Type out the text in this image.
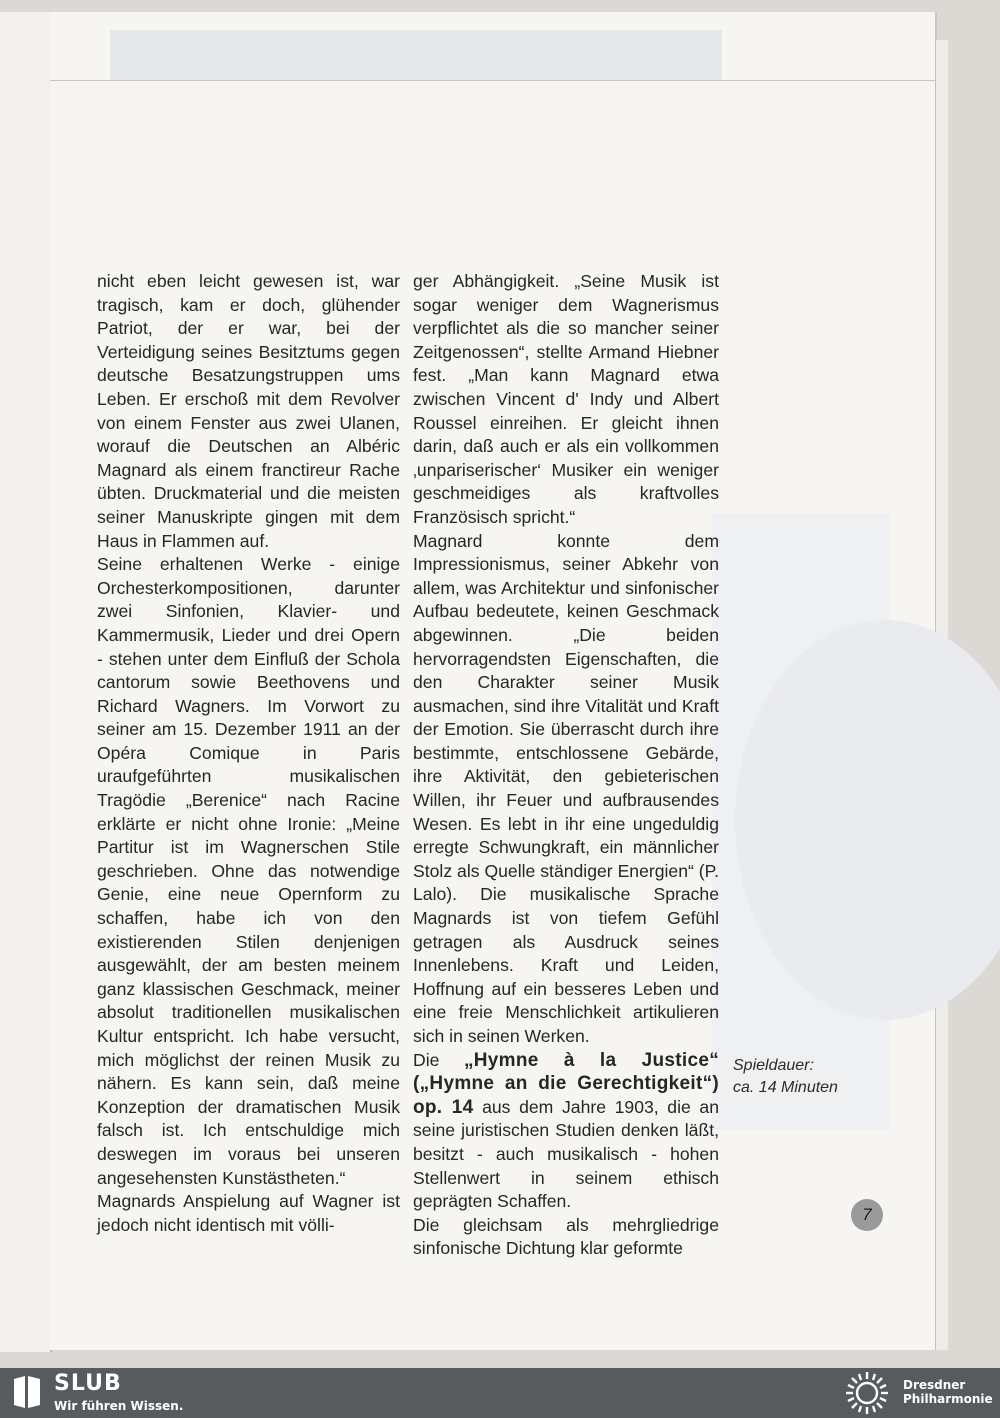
nicht eben leicht gewesen ist, war tragisch, kam er doch, glühender Patriot, der er war, bei der Verteidigung seines Besitztums gegen deutsche Besatzungstruppen ums Leben. Er erschoß mit dem Revolver von einem Fenster aus zwei Ulanen, worauf die Deutschen an Albéric Magnard als einem franctireur Rache übten. Druckmaterial und die meisten seiner Manuskripte gingen mit dem Haus in Flammen auf.

Seine erhaltenen Werke - einige Orchesterkompositionen, darunter zwei Sinfonien, Klavier- und Kammermusik, Lieder und drei Opern - stehen unter dem Einfluß der Schola cantorum sowie Beethovens und Richard Wagners. Im Vorwort zu seiner am 15. Dezember 1911 an der Opéra Comique in Paris uraufgeführten musikalischen Tragödie „Berenice“ nach Racine erklärte er nicht ohne Ironie: „Meine Partitur ist im Wagnerschen Stile geschrieben. Ohne das notwendige Genie, eine neue Opernform zu schaffen, habe ich von den existierenden Stilen denjenigen ausgewählt, der am besten meinem ganz klassischen Geschmack, meiner absolut traditionellen musikalischen Kultur entspricht. Ich habe versucht, mich möglichst der reinen Musik zu nähern. Es kann sein, daß meine Konzeption der dramatischen Musik falsch ist. Ich entschuldige mich deswegen im voraus bei unseren angesehensten Kunstästheten.“

Magnards Anspielung auf Wagner ist jedoch nicht identisch mit völli-

ger Abhängigkeit. „Seine Musik ist sogar weniger dem Wagnerismus verpflichtet als die so mancher seiner Zeitgenossen“, stellte Armand Hiebner fest. „Man kann Magnard etwa zwischen Vincent d' Indy und Albert Roussel einreihen. Er gleicht ihnen darin, daß auch er als ein vollkommen ‚unpariserischer‘ Musiker ein weniger geschmeidiges als kraftvolles Französisch spricht.“

Magnard konnte dem Impressionismus, seiner Abkehr von allem, was Architektur und sinfonischer Aufbau bedeutete, keinen Geschmack abgewinnen. „Die beiden hervorragendsten Eigenschaften, die den Charakter seiner Musik ausmachen, sind ihre Vitalität und Kraft der Emotion. Sie überrascht durch ihre bestimmte, entschlossene Gebärde, ihre Aktivität, den gebieterischen Willen, ihr Feuer und aufbrausendes Wesen. Es lebt in ihr eine ungeduldig erregte Schwungkraft, ein männlicher Stolz als Quelle ständiger Energien“ (P. Lalo). Die musikalische Sprache Magnards ist von tiefem Gefühl getragen als Ausdruck seines Innenlebens. Kraft und Leiden, Hoffnung auf ein besseres Leben und eine freie Menschlichkeit artikulieren sich in seinen Werken.

Die „Hymne à la Justice“ („Hymne an die Gerechtigkeit“) op. 14 aus dem Jahre 1903, die an seine juristischen Studien denken läßt, besitzt - auch musikalisch - hohen Stellenwert in seinem ethisch geprägten Schaffen.

Die gleichsam als mehrgliedrige sinfonische Dichtung klar geformte

Spieldauer:
ca. 14 Minuten
7
SLUB
Wir führen Wissen.
Dresdner
Philharmonie
